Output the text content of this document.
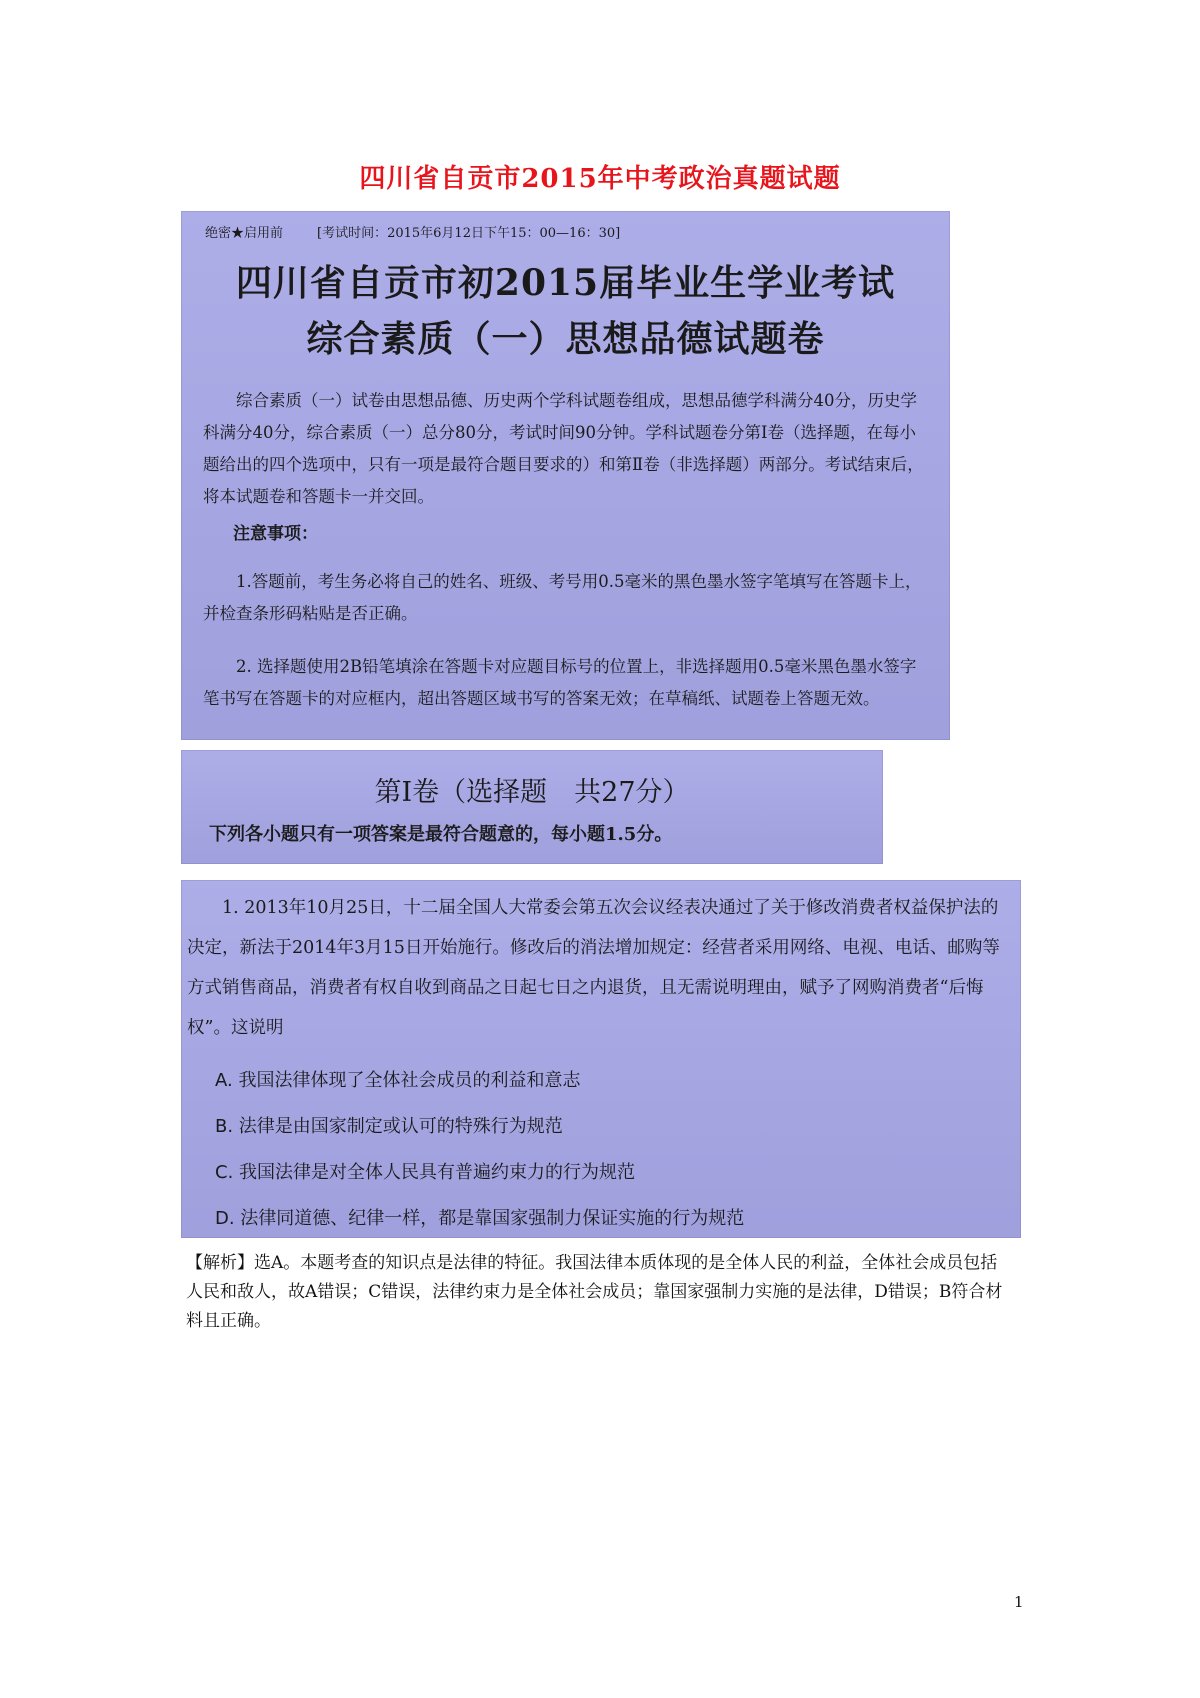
四川省自贡市2015年中考政治真题试题
绝密★启用前	[考试时间：2015年6月12日下午15：00—16：30]
四川省自贡市初2015届毕业生学业考试
综合素质（一）思想品德试题卷
综合素质（一）试卷由思想品德、历史两个学科试题卷组成，思想品德学科满分40分，历史学科满分40分，综合素质（一）总分80分，考试时间90分钟。学科试题卷分第Ⅰ卷（选择题，在每小题给出的四个选项中，只有一项是最符合题目要求的）和第Ⅱ卷（非选择题）两部分。考试结束后，将本试题卷和答题卡一并交回。
注意事项：
1.答题前，考生务必将自己的姓名、班级、考号用0.5毫米的黑色墨水签字笔填写在答题卡上，并检查条形码粘贴是否正确。
2. 选择题使用2B铅笔填涂在答题卡对应题目标号的位置上，非选择题用0.5毫米黑色墨水签字笔书写在答题卡的对应框内，超出答题区域书写的答案无效；在草稿纸、试题卷上答题无效。
第Ⅰ卷（选择题　共27分）
下列各小题只有一项答案是最符合题意的，每小题1.5分。
1. 2013年10月25日，十二届全国人大常委会第五次会议经表决通过了关于修改消费者权益保护法的决定，新法于2014年3月15日开始施行。修改后的消法增加规定：经营者采用网络、电视、电话、邮购等方式销售商品，消费者有权自收到商品之日起七日之内退货，且无需说明理由，赋予了网购消费者“后悔权”。这说明
A. 我国法律体现了全体社会成员的利益和意志
B. 法律是由国家制定或认可的特殊行为规范
C. 我国法律是对全体人民具有普遍约束力的行为规范
D. 法律同道德、纪律一样，都是靠国家强制力保证实施的行为规范
【解析】选A。本题考查的知识点是法律的特征。我国法律本质体现的是全体人民的利益，全体社会成员包括人民和敌人，故A错误；C错误，法律约束力是全体社会成员；靠国家强制力实施的是法律，D错误；B符合材料且正确。
1
